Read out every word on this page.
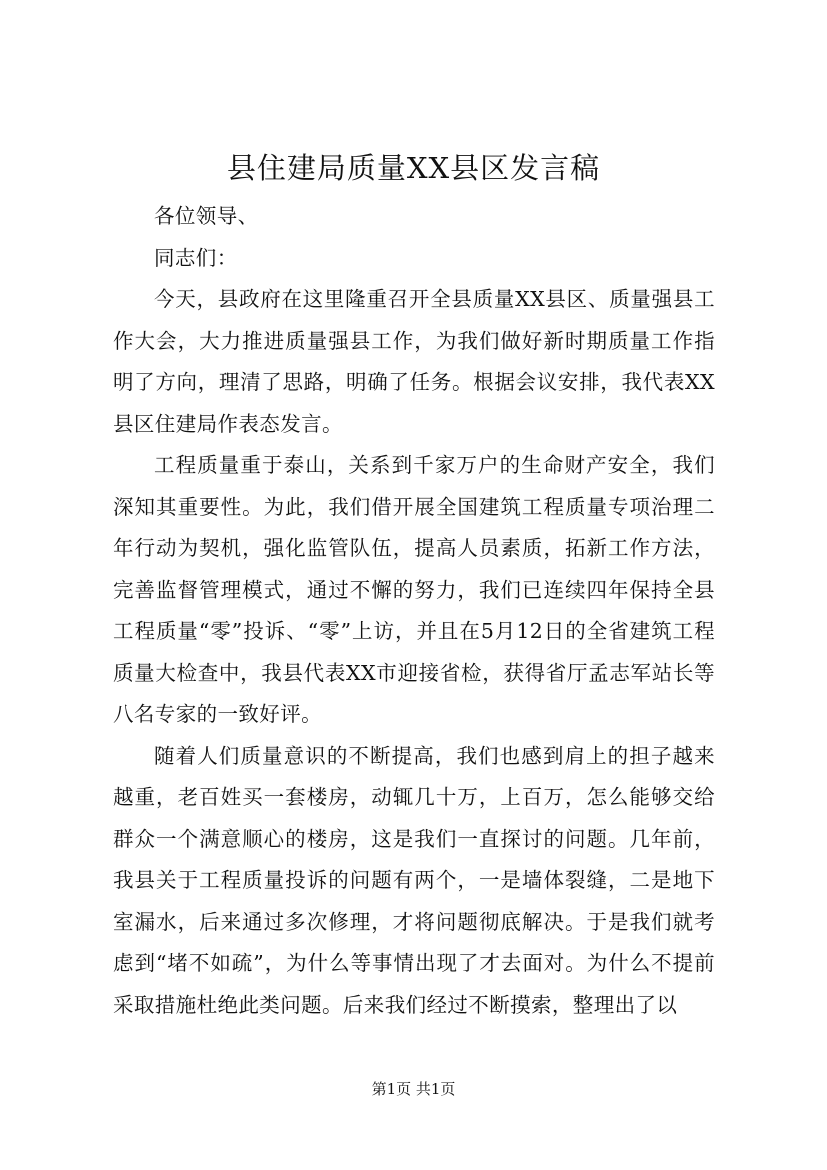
县住建局质量XX县区发言稿

各位领导、

同志们：

今天，县政府在这里隆重召开全县质量XX县区、质量强县工作大会，大力推进质量强县工作，为我们做好新时期质量工作指明了方向，理清了思路，明确了任务。根据会议安排，我代表XX县区住建局作表态发言。

工程质量重于泰山，关系到千家万户的生命财产安全，我们深知其重要性。为此，我们借开展全国建筑工程质量专项治理二年行动为契机，强化监管队伍，提高人员素质，拓新工作方法，完善监督管理模式，通过不懈的努力，我们已连续四年保持全县工程质量“零”投诉、“零”上访，并且在5月12日的全省建筑工程质量大检查中，我县代表XX市迎接省检，获得省厅孟志军站长等八名专家的一致好评。

随着人们质量意识的不断提高，我们也感到肩上的担子越来越重，老百姓买一套楼房，动辄几十万，上百万，怎么能够交给群众一个满意顺心的楼房，这是我们一直探讨的问题。几年前，我县关于工程质量投诉的问题有两个，一是墙体裂缝，二是地下室漏水，后来通过多次修理，才将问题彻底解决。于是我们就考虑到“堵不如疏”，为什么等事情出现了才去面对。为什么不提前采取措施杜绝此类问题。后来我们经过不断摸索，整理出了以

第1页 共1页
